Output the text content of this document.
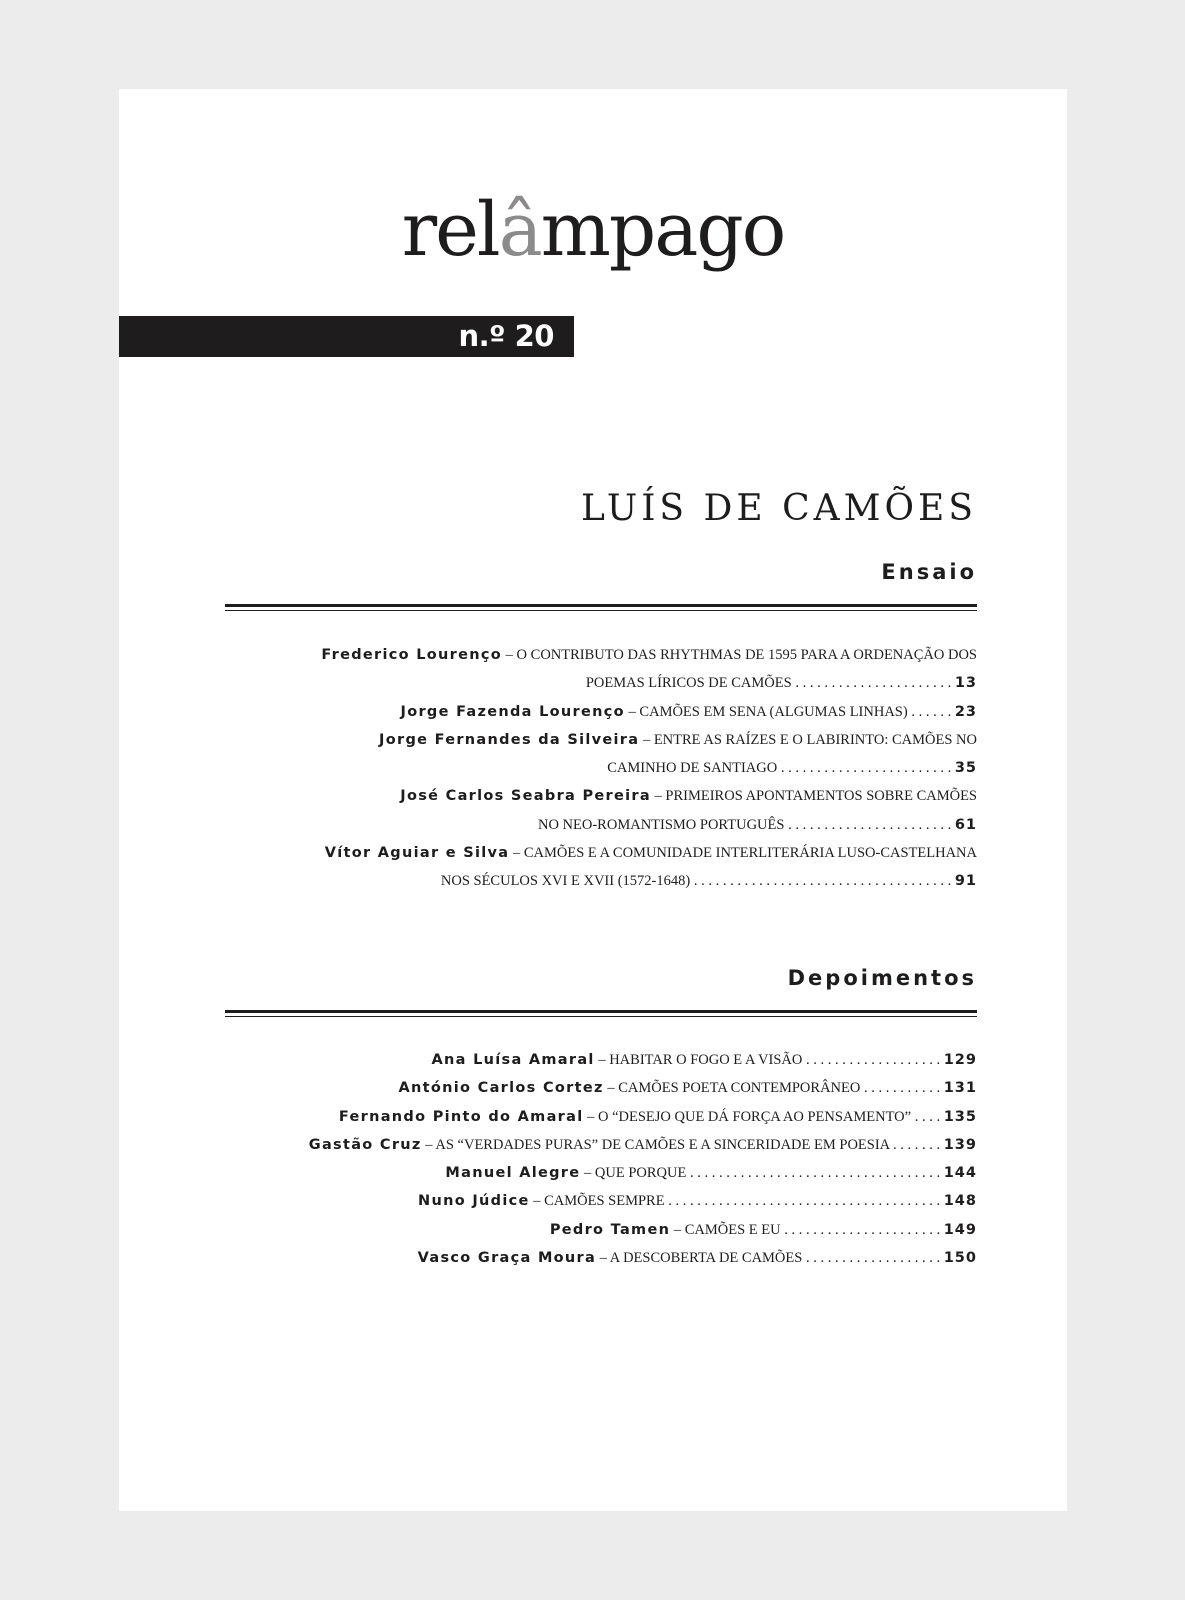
relâmpago
n.º 20
LUÍS DE CAMÕES
Ensaio
Frederico Lourenço – O CONTRIBUTO DAS RHYTHMAS DE 1595 PARA A ORDENAÇÃO DOS
POEMAS LÍRICOS DE CAMÕES . . . . . . . . . . . . . . . . . . . . . . 13
Jorge Fazenda Lourenço – CAMÕES EM SENA (ALGUMAS LINHAS) . . . . . . 23
Jorge Fernandes da Silveira – ENTRE AS RAÍZES E O LABIRINTO: CAMÕES NO
CAMINHO DE SANTIAGO . . . . . . . . . . . . . . . . . . . . . . . . 35
José Carlos Seabra Pereira – PRIMEIROS APONTAMENTOS SOBRE CAMÕES
NO NEO-ROMANTISMO PORTUGUÊS . . . . . . . . . . . . . . . . . . . . . . . 61
Vítor Aguiar e Silva – CAMÕES E A COMUNIDADE INTERLITERÁRIA LUSO-CASTELHANA
NOS SÉCULOS XVI E XVII (1572-1648) . . . . . . . . . . . . . . . . . . . . . . . . . . . . . . . . . . . . 91
Depoimentos
Ana Luísa Amaral – HABITAR O FOGO E A VISÃO . . . . . . . . . . . . . . . . . . . 129
António Carlos Cortez – CAMÕES POETA CONTEMPORÂNEO . . . . . . . . . . . 131
Fernando Pinto do Amaral – O “DESEJO QUE DÁ FORÇA AO PENSAMENTO” . . . . 135
Gastão Cruz – AS “VERDADES PURAS” DE CAMÕES E A SINCERIDADE EM POESIA . . . . . . . 139
Manuel Alegre – QUE PORQUE . . . . . . . . . . . . . . . . . . . . . . . . . . . . . . . . . . . 144
Nuno Júdice – CAMÕES SEMPRE . . . . . . . . . . . . . . . . . . . . . . . . . . . . . . . . . . . . . . 148
Pedro Tamen – CAMÕES E EU . . . . . . . . . . . . . . . . . . . . . . 149
Vasco Graça Moura – A DESCOBERTA DE CAMÕES . . . . . . . . . . . . . . . . . . . 150
